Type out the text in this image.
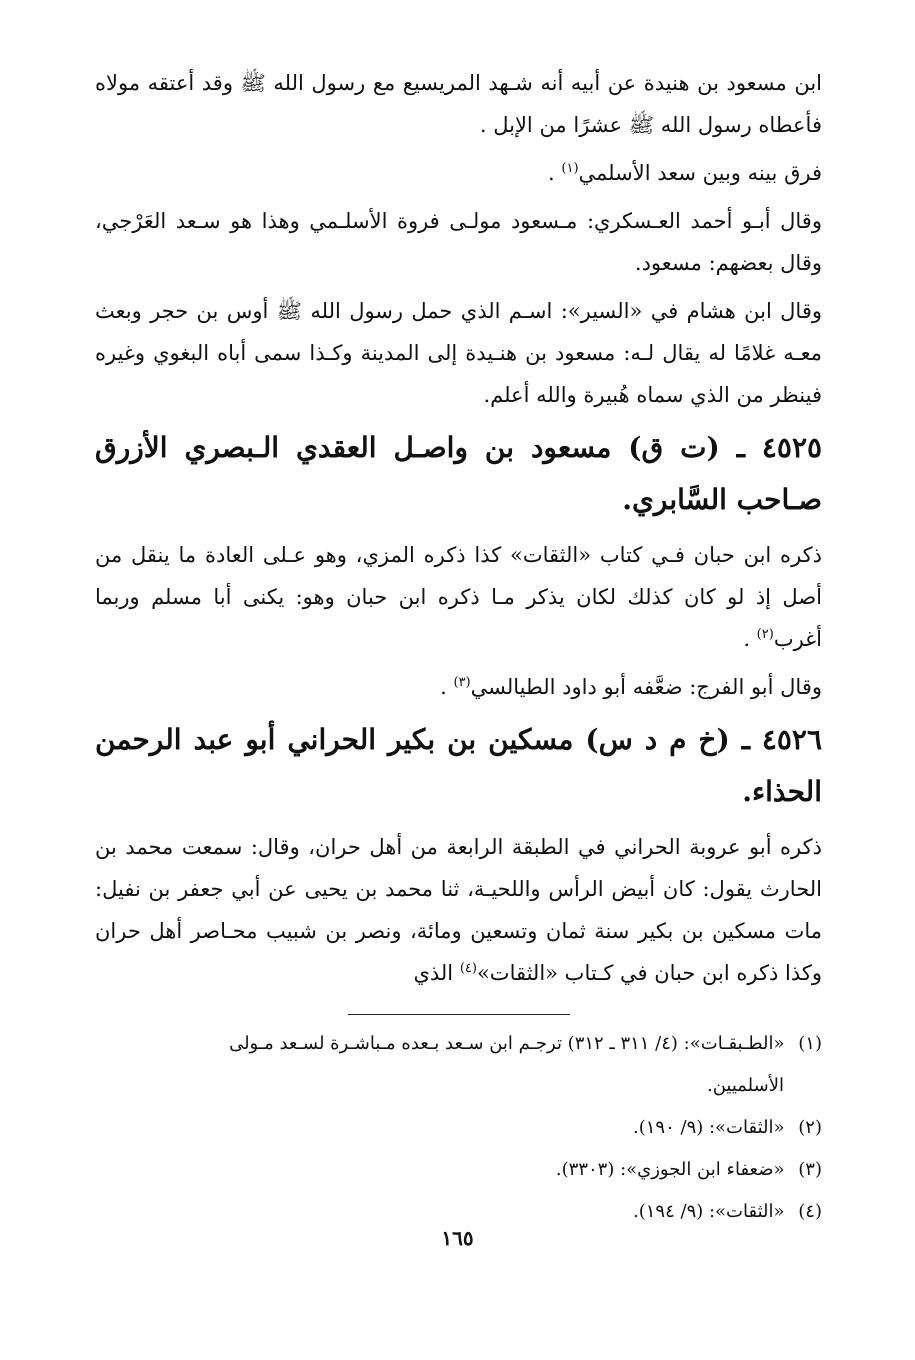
ابن مسعود بن هنيدة عن أبيه أنه شـهد المريسيع مع رسول الله ﷺ وقد أعتقه مولاه فأعطاه رسول الله ﷺ عشرًا من الإبل .

فرق بينه وبين سعد الأسلمي$^{(١)}$ .

وقال أبـو أحمد العـسكري: مـسعود مولـى فروة الأسلـمي وهذا هو سـعد العَرْجي، وقال بعضهم: مسعود.

وقال ابن هشام في «السير»: اسـم الذي حمل رسول الله ﷺ أوس بن حجر وبعث معـه غلامًا له يقال لـه: مسعود بن هنـيدة إلى المدينة وكـذا سمى أباه البغوي وغيره فينظر من الذي سماه هُبيرة والله أعلم.

٤٥٢٥ ـ (ت ق) مسعود بن واصـل العقدي الـبصري الأزرق صـاحب السَّابري.

ذكره ابن حبان فـي كتاب «الثقات» كذا ذكره المزي، وهو عـلى العادة ما ينقل من أصل إذ لو كان كذلك لكان يذكر مـا ذكره ابن حبان وهو: يكنى أبا مسلم وربما أغرب$^{(٢)}$ .

وقال أبو الفرج: ضعَّفه أبو داود الطيالسي$^{(٣)}$ .

٤٥٢٦ ـ (خ م د س) مسكين بن بكير الحراني أبو عبد الرحمن الحذاء.

ذكره أبو عروبة الحراني في الطبقة الرابعة من أهل حران، وقال: سمعت محمد بن الحارث يقول: كان أبيض الرأس واللحيـة، ثنا محمد بن يحيى عن أبي جعفر بن نفيل: مات مسكين بن بكير سنة ثمان وتسعين ومائة، ونصر بن شبيب محـاصر أهل حران وكذا ذكره ابن حبان في كـتاب «الثقات»$^{(٤)}$ الذي

(١) «الطـبقـات»: (٤/ ٣١١ ـ ٣١٢) ترجـم ابن سـعد بـعده مـباشـرة لسـعد مـولى

الأسلميين.

(٢) «الثقات»: (٩/ ١٩٠).

(٣) «ضعفاء ابن الجوزي»: (٣٣٠٣).

(٤) «الثقات»: (٩/ ١٩٤).

١٦٥
